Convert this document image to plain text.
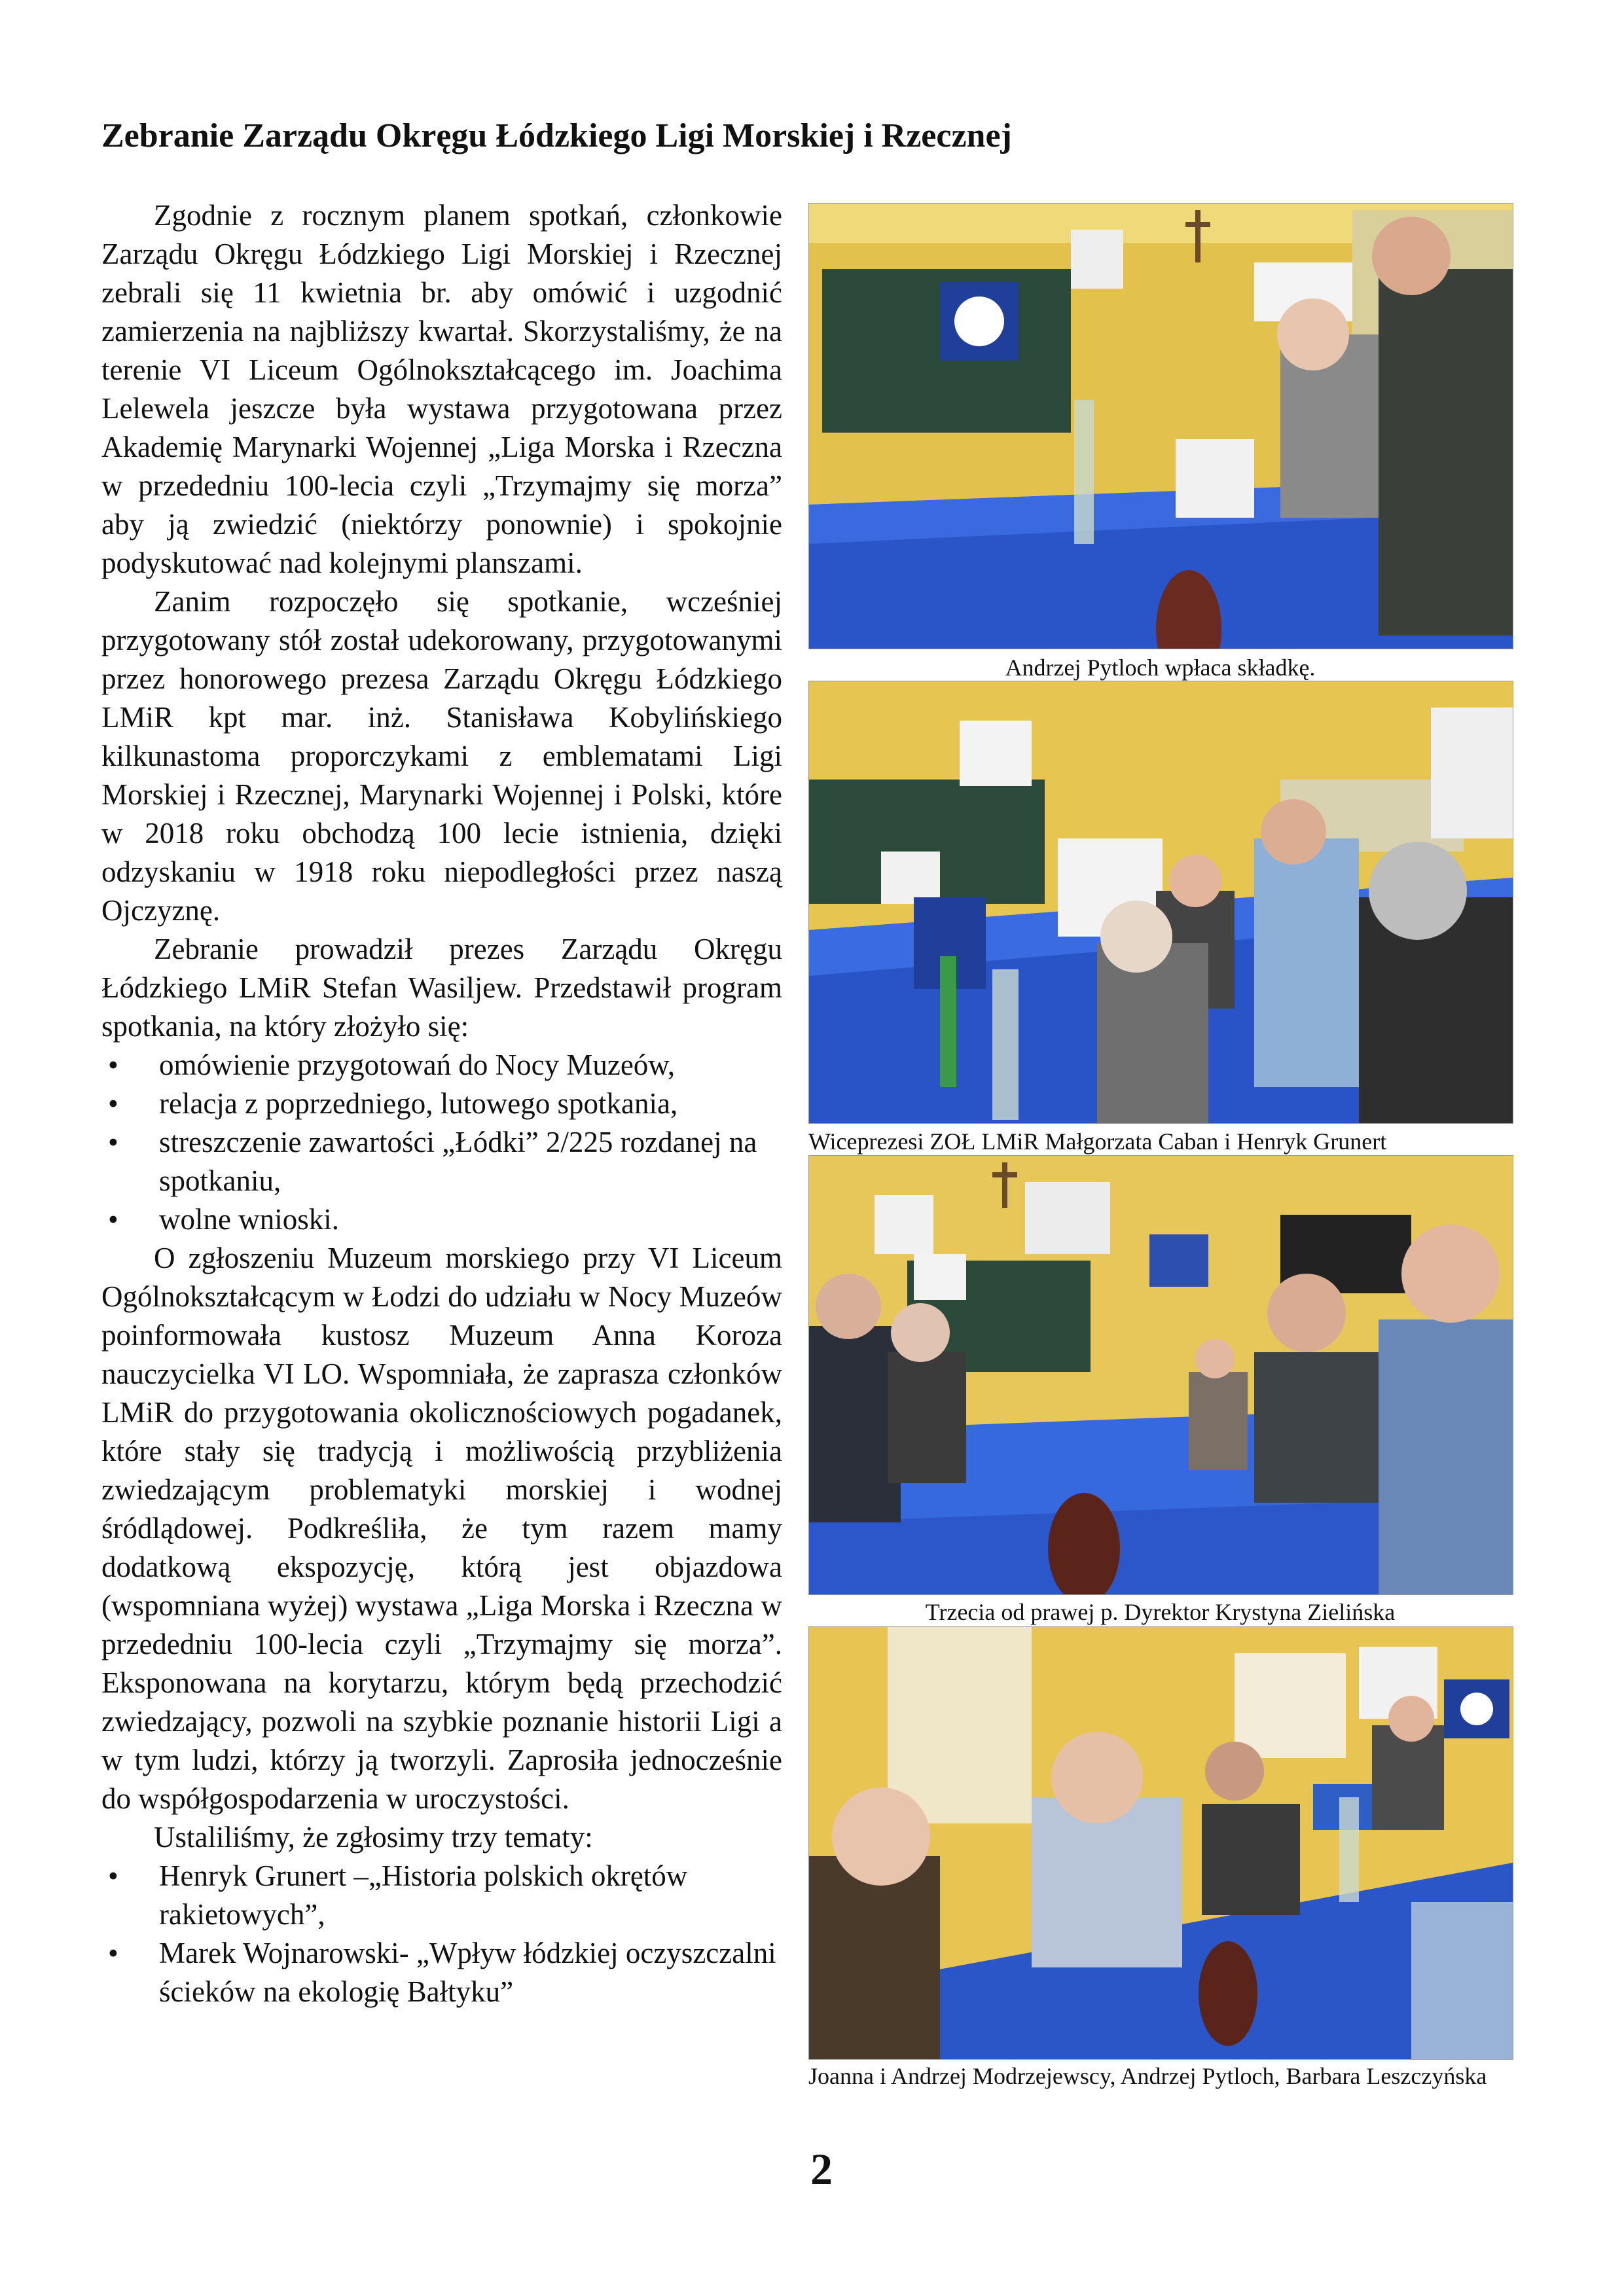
Zebranie Zarządu Okręgu Łódzkiego Ligi Morskiej i Rzecznej

Zgodnie z rocznym planem spotkań, członkowie Zarządu Okręgu Łódzkiego Ligi Morskiej i Rzecznej zebrali się 11 kwietnia br. aby omówić i uzgodnić zamierzenia na najbliższy kwartał. Skorzystaliśmy, że na terenie VI Liceum Ogólnokształcącego im. Joachima Lelewela jeszcze była wystawa przygotowana przez Akademię Marynarki Wojennej „Liga Morska i Rzeczna w przededniu 100-lecia czyli „Trzymajmy się morza” aby ją zwiedzić (niektórzy ponownie) i spokojnie podyskutować nad kolejnymi planszami.

Zanim rozpoczęło się spotkanie, wcześniej przygotowany stół został udekorowany, przygotowanymi przez honorowego prezesa Zarządu Okręgu Łódzkiego LMiR kpt mar. inż. Stanisława Kobylińskiego kilkunastoma proporczykami z emblematami Ligi Morskiej i Rzecznej, Marynarki Wojennej i Polski, które w 2018 roku obchodzą 100 lecie istnienia, dzięki odzyskaniu w 1918 roku niepodległości przez naszą Ojczyznę.

Zebranie prowadził prezes Zarządu Okręgu Łódzkiego LMiR Stefan Wasiljew. Przedstawił program spotkania, na który złożyło się:

• omówienie przygotowań do Nocy Muzeów,
• relacja z poprzedniego, lutowego spotkania,
• streszczenie zawartości „Łódki” 2/225 rozdanej na spotkaniu,
• wolne wnioski.

O zgłoszeniu Muzeum morskiego przy VI Liceum Ogólnokształcącym w Łodzi do udziału w Nocy Muzeów poinformowała kustosz Muzeum Anna Koroza nauczycielka VI LO. Wspomniała, że zaprasza członków LMiR do przygotowania okolicznościowych pogadanek, które stały się tradycją i możliwością przybliżenia zwiedzającym problematyki morskiej i wodnej śródlądowej. Podkreśliła, że tym razem mamy dodatkową ekspozycję, którą jest objazdowa (wspomniana wyżej) wystawa „Liga Morska i Rzeczna w przededniu 100-lecia czyli „Trzymajmy się morza”. Eksponowana na korytarzu, którym będą przechodzić zwiedzający, pozwoli na szybkie poznanie historii Ligi a w tym ludzi, którzy ją tworzyli. Zaprosiła jednocześnie do współgospodarzenia w uroczystości.

Ustaliliśmy, że zgłosimy trzy tematy:

• Henryk Grunert –„Historia polskich okrętów rakietowych”,
• Marek Wojnarowski- „Wpływ łódzkiej oczyszczalni ścieków na ekologię Bałtyku”
Andrzej Pytloch wpłaca składkę.
Wiceprezesi ZOŁ LMiR Małgorzata Caban i Henryk Grunert
Trzecia od prawej p. Dyrektor Krystyna Zielińska
Joanna i Andrzej Modrzejewscy, Andrzej Pytloch, Barbara Leszczyńska
2
